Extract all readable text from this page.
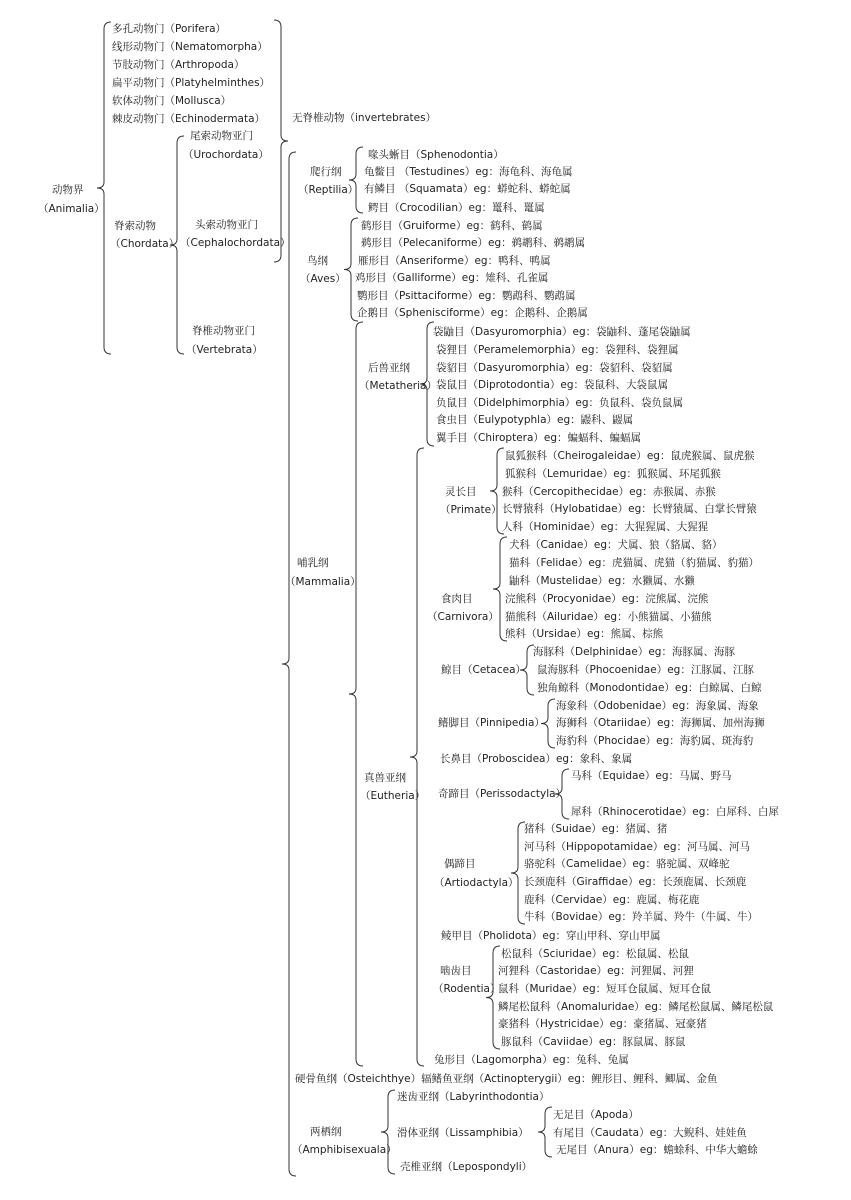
动物界
（Animalia）
多孔动物门（Porifera）
线形动物门（Nematomorpha）
节肢动物门（Arthropoda）
扁平动物门（Platyhelminthes）
软体动物门（Mollusca）
棘皮动物门（Echinodermata）	无脊椎动物（invertebrates）
脊索动物
（Chordata）
尾索动物亚门
（Urochordata）
头索动物亚门
（Cephalochordata）
脊椎动物亚门
（Vertebrata）
爬行纲
（Reptilia）
喙头蜥目（Sphenodontia）
龟鳖目 （Testudines）eg：海龟科、海龟属
有鳞目 （Squamata）eg：蟒蛇科、蟒蛇属
鳄目（Crocodilian）eg：鼍科、鼍属
鸟纲
（Aves）
鹤形目（Gruiforme）eg：鹤科、鹤属
鹈形目（Pelecaniforme）eg：鹈鹕科、鹈鹕属
雁形目（Anseriforme）eg：鸭科、鸭属
鸡形目（Galliforme）eg：雉科、孔雀属
鹦形目（Psittaciforme）eg：鹦鹉科、鹦鹉属
企鹅目（Sphenisciforme）eg：企鹅科、企鹅属
哺乳纲
（Mammalia）
后兽亚纲
（Metatheria）
袋鼬目（Dasyuromorphia）eg：袋鼬科、蓬尾袋鼬属
袋狸目（Peramelemorphia）eg：袋狸科、袋狸属
袋貂目（Dasyuromorphia）eg：袋貂科、袋貂属
袋鼠目（Diprotodontia）eg：袋鼠科、大袋鼠属
负鼠目（Didelphimorphia）eg：负鼠科、袋负鼠属
食虫目（Eulypotyphla）eg：鼹科、鼹属
翼手目（Chiroptera）eg：蝙蝠科、蝙蝠属
真兽亚纲
（Eutheria）
灵长目
（Primate）
鼠狐猴科（Cheirogaleidae）eg：鼠虎猴属、鼠虎猴
狐猴科（Lemuridae）eg：狐猴属、环尾狐猴
猴科（Cercopithecidae）eg：赤猴属、赤猴
长臂猿科（Hylobatidae）eg：长臂猿属、白掌长臂猿
人科（Hominidae）eg：大猩猩属、大猩猩
食肉目
（Carnivora）
犬科（Canidae）eg：犬属、狼（貉属、貉）
猫科（Felidae）eg：虎猫属、虎猫（豹猫属、豹猫）
鼬科（Mustelidae）eg：水獭属、水獭
浣熊科（Procyonidae）eg：浣熊属、浣熊
猫熊科（Ailuridae）eg：小熊猫属、小猫熊
熊科（Ursidae）eg：熊属、棕熊
鲸目（Cetacea）
海豚科（Delphinidae）eg：海豚属、海豚
鼠海豚科（Phocoenidae）eg：江豚属、江豚
独角鲸科（Monodontidae）eg：白鲸属、白鲸
鳍脚目（Pinnipedia）
海象科（Odobenidae）eg：海象属、海象
海狮科（Otariidae）eg：海狮属、加州海狮
海豹科（Phocidae）eg：海豹属、斑海豹
长鼻目（Proboscidea）eg：象科、象属
奇蹄目（Perissodactyla）
马科（Equidae）eg：马属、野马
犀科（Rhinocerotidae）eg：白犀科、白犀
偶蹄目
（Artiodactyla）
猪科（Suidae）eg：猪属、猪
河马科（Hippopotamidae）eg：河马属、河马
骆驼科（Camelidae）eg：骆驼属、双峰驼
长颈鹿科（Giraffidae）eg：长颈鹿属、长颈鹿
鹿科（Cervidae）eg：鹿属、梅花鹿
牛科（Bovidae）eg：羚羊属、羚牛（牛属、牛）
鲮甲目（Pholidota）eg：穿山甲科、穿山甲属
啮齿目
（Rodentia）
松鼠科（Sciuridae）eg：松鼠属、松鼠
河狸科（Castoridae）eg：河狸属、河狸
鼠科（Muridae）eg：短耳仓鼠属、短耳仓鼠
鳞尾松鼠科（Anomaluridae）eg：鳞尾松鼠属、鳞尾松鼠
豪猪科（Hystricidae）eg：豪猪属、冠豪猪
豚鼠科（Caviidae）eg：豚鼠属、豚鼠
兔形目（Lagomorpha）eg：兔科、兔属
硬骨鱼纲（Osteichthye）辐鳍鱼亚纲（Actinopterygii）eg：鲤形目、鲤科、鲫属、金鱼
两栖纲
（Amphibisexuala）
迷齿亚纲（Labyrinthodontia）
滑体亚纲（Lissamphibia）
壳椎亚纲（Lepospondyli）
无足目（Apoda）
有尾目（Caudata）eg：大鲵科、娃娃鱼
无尾目（Anura）eg：蟾蜍科、中华大蟾蜍
